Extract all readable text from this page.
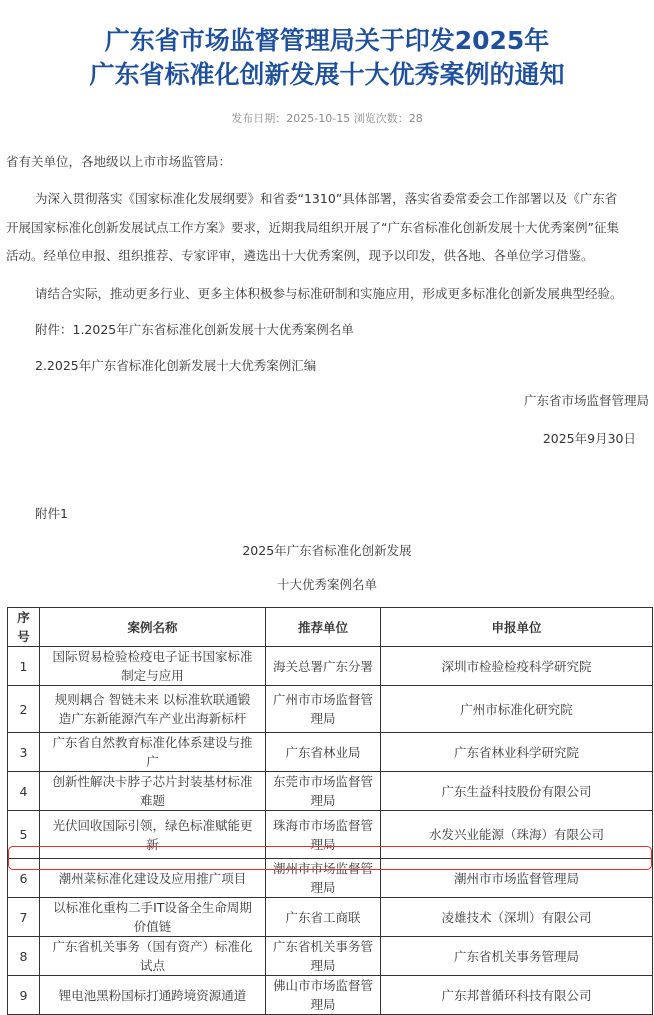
广东省市场监督管理局关于印发2025年
广东省标准化创新发展十大优秀案例的通知
发布日期：2025-10-15 浏览次数：28
省有关单位，各地级以上市市场监管局：
为深入贯彻落实《国家标准化发展纲要》和省委“1310”具体部署，落实省委常委会工作部署以及《广东省
开展国家标准化创新发展试点工作方案》要求，近期我局组织开展了“广东省标准化创新发展十大优秀案例”征集
活动。经单位申报、组织推荐、专家评审，遴选出十大优秀案例，现予以印发，供各地、各单位学习借鉴。
请结合实际，推动更多行业、更多主体积极参与标准研制和实施应用，形成更多标准化创新发展典型经验。
附件：1.2025年广东省标准化创新发展十大优秀案例名单
2.2025年广东省标准化创新发展十大优秀案例汇编
广东省市场监督管理局
2025年9月30日
附件1
2025年广东省标准化创新发展
十大优秀案例名单
序号	案例名称	推荐单位	申报单位
1	国际贸易检验检疫电子证书国家标准制定与应用	海关总署广东分署	深圳市检验检疫科学研究院
2	规则耦合 智链未来 以标准软联通锻造广东新能源汽车产业出海新标杆	广州市市场监督管理局	广州市标准化研究院
3	广东省自然教育标准化体系建设与推广	广东省林业局	广东省林业科学研究院
4	创新性解决卡脖子芯片封装基材标准难题	东莞市市场监督管理局	广东生益科技股份有限公司
5	光伏回收国际引领，绿色标准赋能更新	珠海市市场监督管理局	水发兴业能源（珠海）有限公司
6	潮州菜标准化建设及应用推广项目	潮州市市场监督管理局	潮州市市场监督管理局
7	以标准化重构二手IT设备全生命周期价值链	广东省工商联	凌雄技术（深圳）有限公司
8	广东省机关事务（国有资产）标准化试点	广东省机关事务管理局	广东省机关事务管理局
9	锂电池黑粉国标打通跨境资源通道	佛山市市场监督管理局	广东邦普循环科技有限公司
